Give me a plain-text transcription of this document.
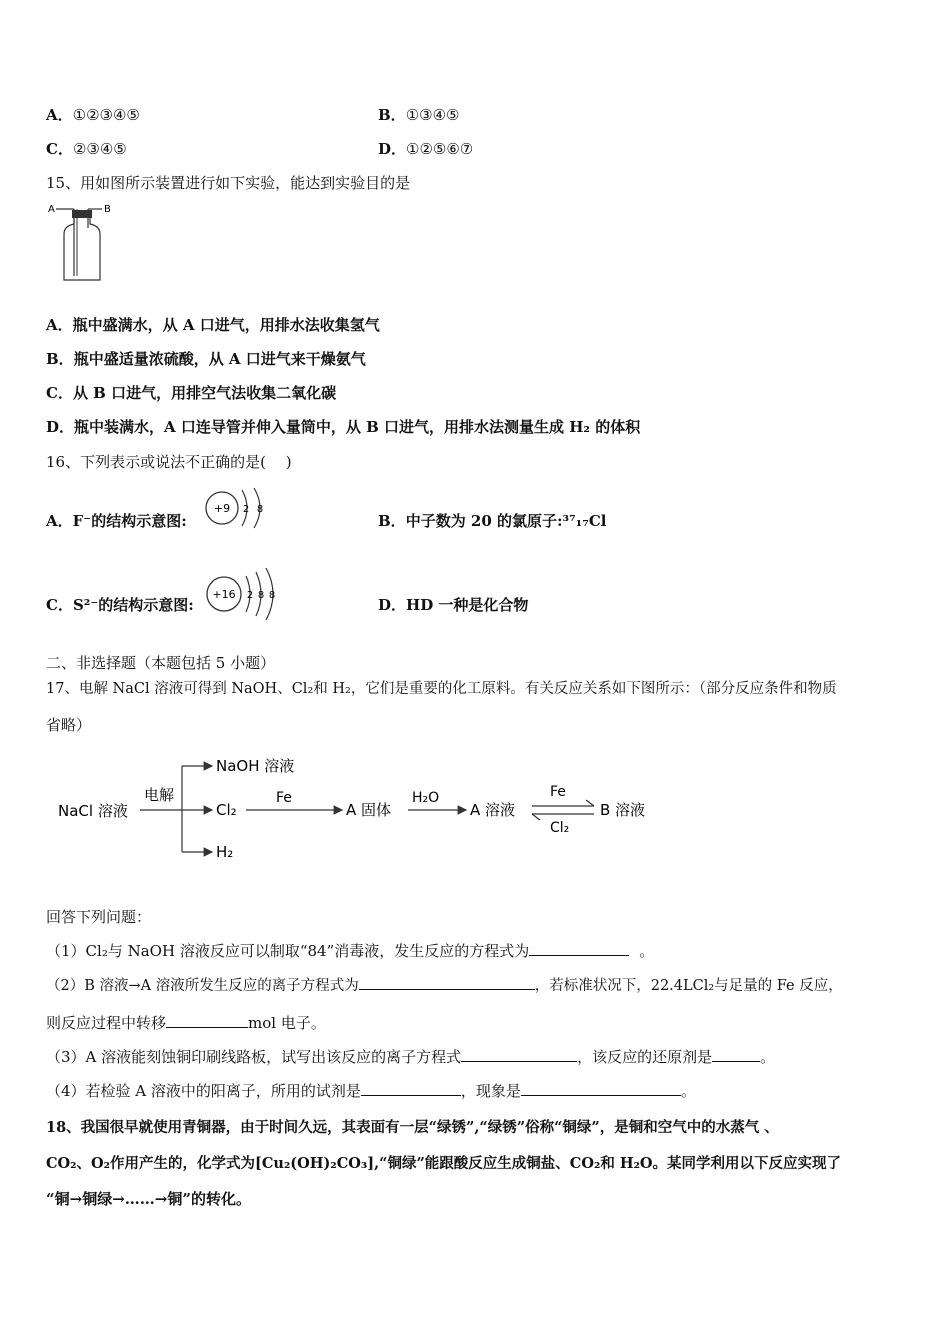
A．①②③④⑤	B．①③④⑤
C．②③④⑤	D．①②⑤⑥⑦
15、用如图所示装置进行如下实验，能达到实验目的是
A	B
A．瓶中盛满水，从 A 口进气，用排水法收集氢气
B．瓶中盛适量浓硫酸，从 A 口进气来干燥氨气
C．从 B 口进气，用排空气法收集二氧化碳
D．瓶中装满水，A 口连导管并伸入量筒中，从 B 口进气，用排水法测量生成 H₂ 的体积
16、下列表示或说法不正确的是(　 )
A．F⁻的结构示意图:
+9 2 8
B．中子数为 20 的氯原子:³⁷₁₇Cl
C．S²⁻的结构示意图:
+16 2 8 8
D．HD 一种是化合物
二、非选择题（本题包括 5 小题）
17、电解 NaCl 溶液可得到 NaOH、Cl₂和 H₂，它们是重要的化工原料。有关反应关系如下图所示：（部分反应条件和物质
省略）
NaCl 溶液
电解
NaOH 溶液
Cl₂
H₂
Fe
A 固体
H₂O
A 溶液
Fe
Cl₂
B 溶液
回答下列问题：
（1）Cl₂与 NaOH 溶液反应可以制取“84”消毒液，发生反应的方程式为	。
（2）B 溶液→A 溶液所发生反应的离子方程式为	，若标准状况下，22.4LCl₂与足量的 Fe 反应，
则反应过程中转移	mol 电子。
（3）A 溶液能刻蚀铜印刷线路板，试写出该反应的离子方程式	，该反应的还原剂是	。
（4）若检验 A 溶液中的阳离子，所用的试剂是	，现象是	。
18、我国很早就使用青铜器，由于时间久远，其表面有一层“绿锈”,“绿锈”俗称“铜绿”，是铜和空气中的水蒸气 、
CO₂、O₂作用产生的，化学式为[Cu₂(OH)₂CO₃],“铜绿”能跟酸反应生成铜盐、CO₂和 H₂O。某同学利用以下反应实现了
“铜→铜绿→……→铜”的转化。
